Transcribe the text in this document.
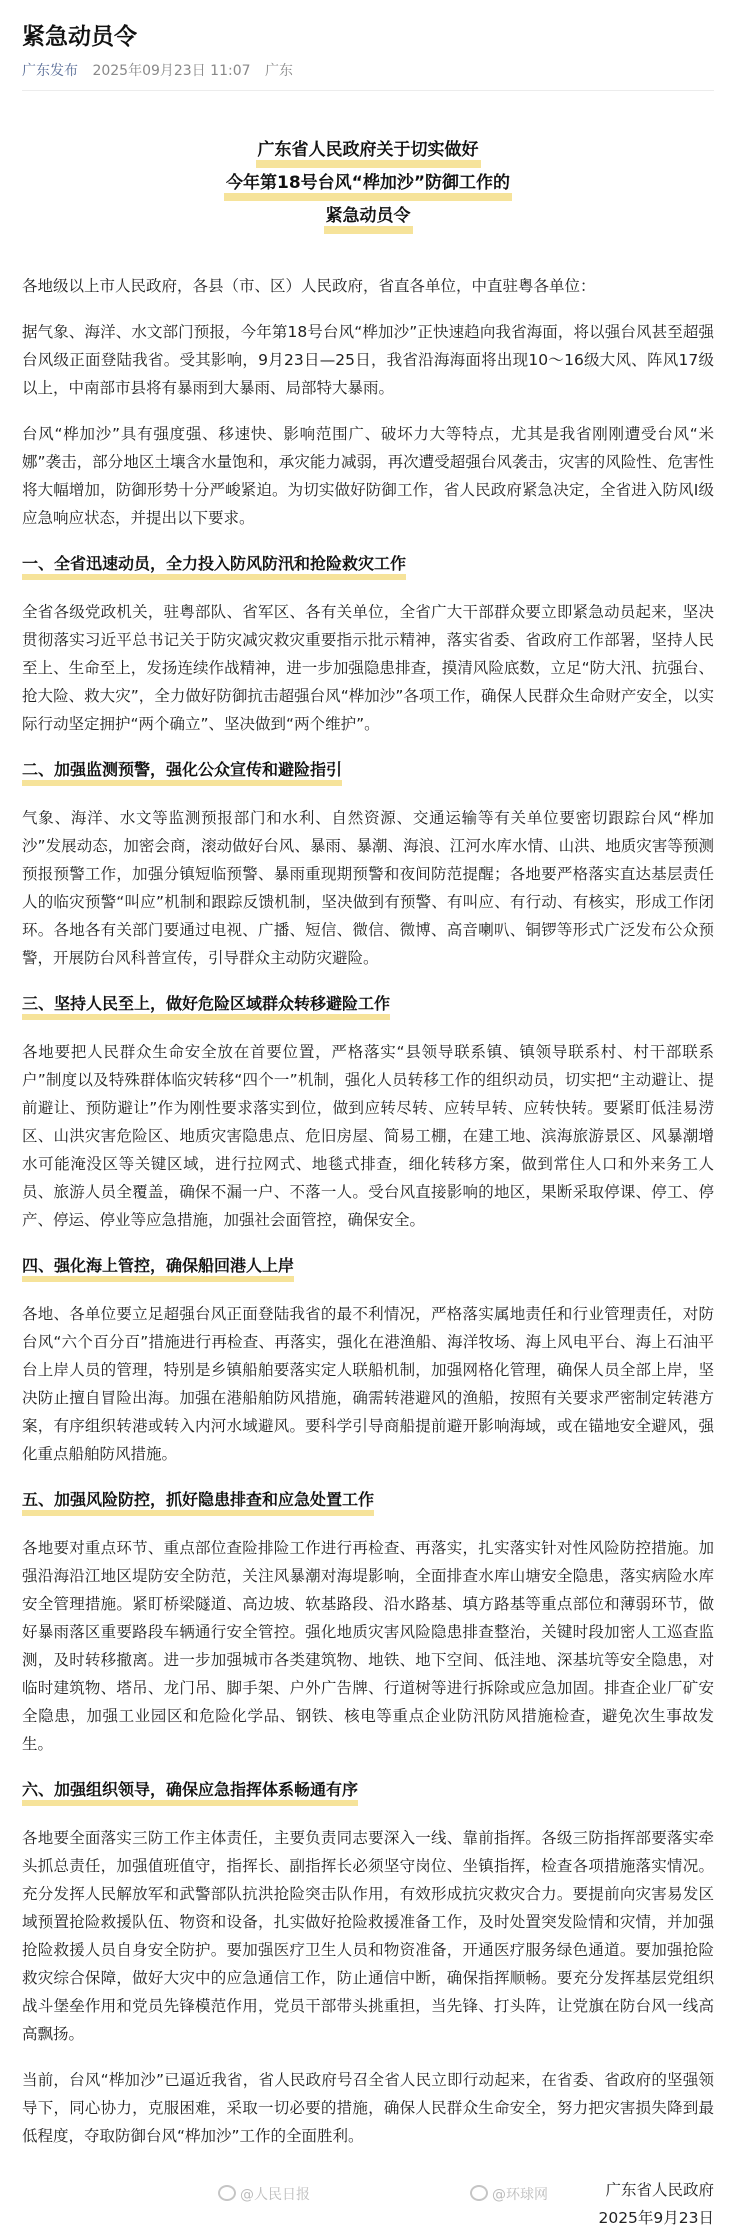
紧急动员令
广东发布 2025年09月23日 11:07 广东
广东省人民政府关于切实做好
今年第18号台风“桦加沙”防御工作的
紧急动员令

各地级以上市人民政府，各县（市、区）人民政府，省直各单位，中直驻粤各单位：

据气象、海洋、水文部门预报，今年第18号台风“桦加沙”正快速趋向我省海面，将以强台风甚至超强台风级正面登陆我省。受其影响，9月23日—25日，我省沿海海面将出现10～16级大风、阵风17级以上，中南部市县将有暴雨到大暴雨、局部特大暴雨。

台风“桦加沙”具有强度强、移速快、影响范围广、破坏力大等特点，尤其是我省刚刚遭受台风“米娜”袭击，部分地区土壤含水量饱和，承灾能力减弱，再次遭受超强台风袭击，灾害的风险性、危害性将大幅增加，防御形势十分严峻紧迫。为切实做好防御工作，省人民政府紧急决定，全省进入防风I级应急响应状态，并提出以下要求。

一、全省迅速动员，全力投入防风防汛和抢险救灾工作

全省各级党政机关，驻粤部队、省军区、各有关单位，全省广大干部群众要立即紧急动员起来，坚决贯彻落实习近平总书记关于防灾减灾救灾重要指示批示精神，落实省委、省政府工作部署，坚持人民至上、生命至上，发扬连续作战精神，进一步加强隐患排查，摸清风险底数，立足“防大汛、抗强台、抢大险、救大灾”，全力做好防御抗击超强台风“桦加沙”各项工作，确保人民群众生命财产安全，以实际行动坚定拥护“两个确立”、坚决做到“两个维护”。

二、加强监测预警，强化公众宣传和避险指引

气象、海洋、水文等监测预报部门和水利、自然资源、交通运输等有关单位要密切跟踪台风“桦加沙”发展动态，加密会商，滚动做好台风、暴雨、暴潮、海浪、江河水库水情、山洪、地质灾害等预测预报预警工作，加强分镇短临预警、暴雨重现期预警和夜间防范提醒；各地要严格落实直达基层责任人的临灾预警“叫应”机制和跟踪反馈机制，坚决做到有预警、有叫应、有行动、有核实，形成工作闭环。各地各有关部门要通过电视、广播、短信、微信、微博、高音喇叭、铜锣等形式广泛发布公众预警，开展防台风科普宣传，引导群众主动防灾避险。

三、坚持人民至上，做好危险区域群众转移避险工作

各地要把人民群众生命安全放在首要位置，严格落实“县领导联系镇、镇领导联系村、村干部联系户”制度以及特殊群体临灾转移“四个一”机制，强化人员转移工作的组织动员，切实把“主动避让、提前避让、预防避让”作为刚性要求落实到位，做到应转尽转、应转早转、应转快转。要紧盯低洼易涝区、山洪灾害危险区、地质灾害隐患点、危旧房屋、简易工棚，在建工地、滨海旅游景区、风暴潮增水可能淹没区等关键区域，进行拉网式、地毯式排查，细化转移方案，做到常住人口和外来务工人员、旅游人员全覆盖，确保不漏一户、不落一人。受台风直接影响的地区，果断采取停课、停工、停产、停运、停业等应急措施，加强社会面管控，确保安全。

四、强化海上管控，确保船回港人上岸

各地、各单位要立足超强台风正面登陆我省的最不利情况，严格落实属地责任和行业管理责任，对防台风“六个百分百”措施进行再检查、再落实，强化在港渔船、海洋牧场、海上风电平台、海上石油平台上岸人员的管理，特别是乡镇船舶要落实定人联船机制，加强网格化管理，确保人员全部上岸，坚决防止擅自冒险出海。加强在港船舶防风措施，确需转港避风的渔船，按照有关要求严密制定转港方案，有序组织转港或转入内河水域避风。要科学引导商船提前避开影响海域，或在锚地安全避风，强化重点船舶防风措施。

五、加强风险防控，抓好隐患排查和应急处置工作

各地要对重点环节、重点部位查险排险工作进行再检查、再落实，扎实落实针对性风险防控措施。加强沿海沿江地区堤防安全防范，关注风暴潮对海堤影响，全面排查水库山塘安全隐患，落实病险水库安全管理措施。紧盯桥梁隧道、高边坡、软基路段、沿水路基、填方路基等重点部位和薄弱环节，做好暴雨落区重要路段车辆通行安全管控。强化地质灾害风险隐患排查整治，关键时段加密人工巡查监测，及时转移撤离。进一步加强城市各类建筑物、地铁、地下空间、低洼地、深基坑等安全隐患，对临时建筑物、塔吊、龙门吊、脚手架、户外广告牌、行道树等进行拆除或应急加固。排查企业厂矿安全隐患，加强工业园区和危险化学品、钢铁、核电等重点企业防汛防风措施检查，避免次生事故发生。

六、加强组织领导，确保应急指挥体系畅通有序

各地要全面落实三防工作主体责任，主要负责同志要深入一线、靠前指挥。各级三防指挥部要落实牵头抓总责任，加强值班值守，指挥长、副指挥长必须坚守岗位、坐镇指挥，检查各项措施落实情况。充分发挥人民解放军和武警部队抗洪抢险突击队作用，有效形成抗灾救灾合力。要提前向灾害易发区域预置抢险救援队伍、物资和设备，扎实做好抢险救援准备工作，及时处置突发险情和灾情，并加强抢险救援人员自身安全防护。要加强医疗卫生人员和物资准备，开通医疗服务绿色通道。要加强抢险救灾综合保障，做好大灾中的应急通信工作，防止通信中断，确保指挥顺畅。要充分发挥基层党组织战斗堡垒作用和党员先锋模范作用，党员干部带头挑重担，当先锋、打头阵，让党旗在防台风一线高高飘扬。

当前，台风“桦加沙”已逼近我省，省人民政府号召全省人民立即行动起来，在省委、省政府的坚强领导下，同心协力，克服困难，采取一切必要的措施，确保人民群众生命安全，努力把灾害损失降到最低程度，夺取防御台风“桦加沙”工作的全面胜利。

广东省人民政府
2025年9月23日
@人民日报	@环球网
